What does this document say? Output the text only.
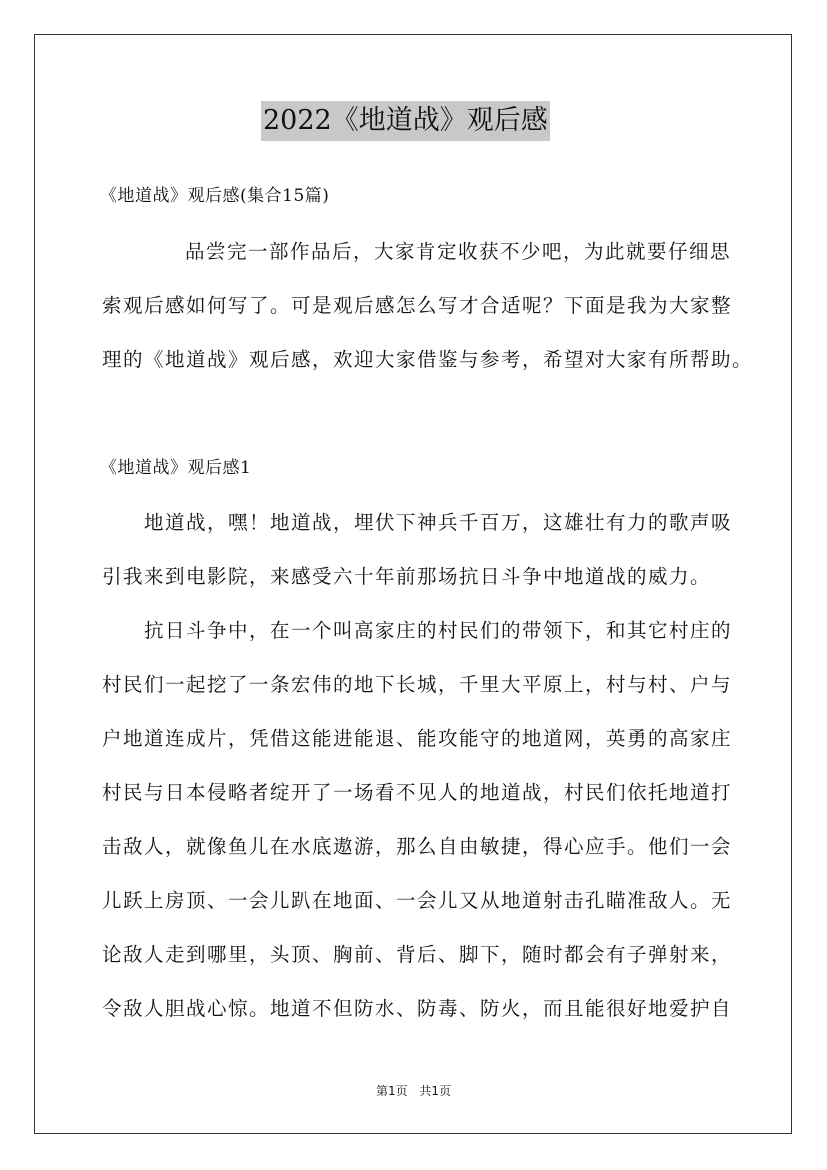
2022《地道战》观后感
《地道战》观后感(集合15篇)
品尝完一部作品后，大家肯定收获不少吧，为此就要仔细思
索观后感如何写了。可是观后感怎么写才合适呢？下面是我为大家整
理的《地道战》观后感，欢迎大家借鉴与参考，希望对大家有所帮助。
《地道战》观后感1
地道战，嘿！地道战，埋伏下神兵千百万，这雄壮有力的歌声吸
引我来到电影院，来感受六十年前那场抗日斗争中地道战的威力。
抗日斗争中，在一个叫高家庄的村民们的带领下，和其它村庄的
村民们一起挖了一条宏伟的地下长城，千里大平原上，村与村、户与
户地道连成片，凭借这能进能退、能攻能守的地道网，英勇的高家庄
村民与日本侵略者绽开了一场看不见人的地道战，村民们依托地道打
击敌人，就像鱼儿在水底遨游，那么自由敏捷，得心应手。他们一会
儿跃上房顶、一会儿趴在地面、一会儿又从地道射击孔瞄准敌人。无
论敌人走到哪里，头顶、胸前、背后、脚下，随时都会有子弹射来，
令敌人胆战心惊。地道不但防水、防毒、防火，而且能很好地爱护自
第1页 共1页
